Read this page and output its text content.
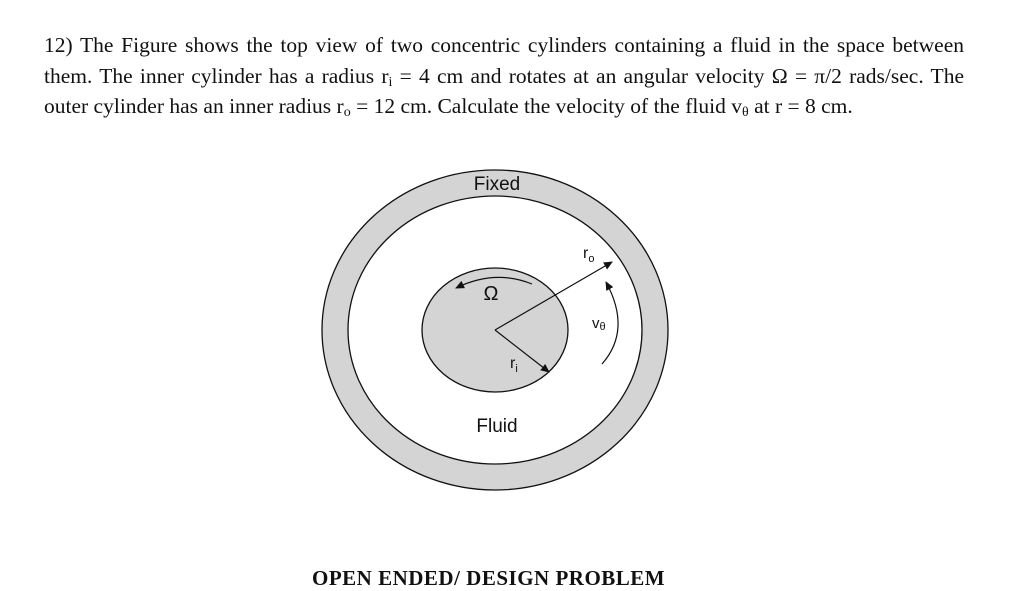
12) The Figure shows the top view of two concentric cylinders containing a fluid in the space between them. The inner cylinder has a radius $r_i = 4$ cm and rotates at an angular velocity Ω = π/2 rads/sec. The outer cylinder has an inner radius $r_o = 12$ cm. Calculate the velocity of the fluid $v_\theta$ at r = 8 cm.

Fixed
Fluid
Ω
$r_o$
$r_i$
vθ
OPEN ENDED/ DESIGN PROBLEM
